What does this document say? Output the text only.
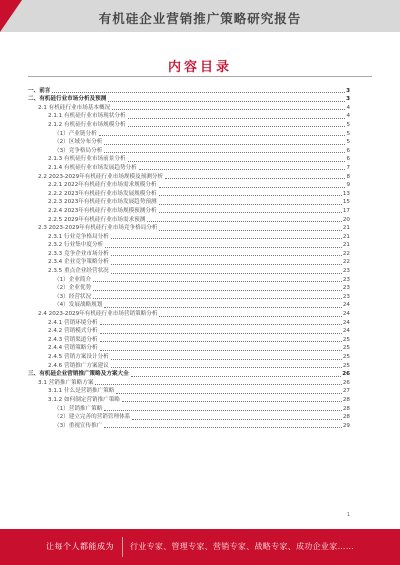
有机硅企业营销推广策略研究报告
内容目录
一、前言	3
二、有机硅行业市场分析及预测	3
2.1 有机硅行业市场基本概况	4
2.1.1 有机硅行业市场现状分析	4
2.1.2 有机硅行业市场规模分析	5
（1）产业链分析	5
（2）区域分布分析	5
（3）竞争格局分析	6
2.1.3 有机硅行业市场前景分析	6
2.1.4 有机硅行业市场发展趋势分析	7
2.2 2023-2029年有机硅行业市场规模及预测分析	8
2.2.1 2022年有机硅行业市场需求规模分析	9
2.2.2 2023年有机硅行业市场发展规模分析	13
2.2.3 2023年有机硅行业市场发展趋势预测	15
2.2.4 2023年有机硅行业市场规模预测分析	17
2.2.5 2029年有机硅行业市场需求预测	20
2.3 2023-2029年有机硅行业市场竞争格局分析	21
2.3.1 行业竞争格局分析	21
2.3.2 行业集中度分析	21
2.3.3 竞争企业市场分析	22
2.3.4 企业竞争策略分析	22
2.3.5 重点企业经营状况	23
（1）企业简介	23
（2）企业优势	23
（3）经营状况	23
（4）发展战略规划	24
2.4 2023-2029年有机硅行业市场营销策略分析	24
2.4.1 营销环境分析	24
2.4.2 营销模式分析	24
2.4.3 营销渠道分析	25
2.4.4 营销策略分析	25
2.4.5 营销方案设计分析	25
2.4.6 营销推广方案建议	25
三、有机硅企业营销推广策略及方案大全	26
3.1 营销推广策略方案	26
3.1.1 什么是营销推广策略	27
3.1.2 如何制定营销推广策略	28
（1）营销推广策略	28
（2）建立完善的营销管理体系	28
（3）重视宣传推广	29
1
让每个人都能成为 行业专家、管理专家、营销专家、战略专家、成功企业家……
